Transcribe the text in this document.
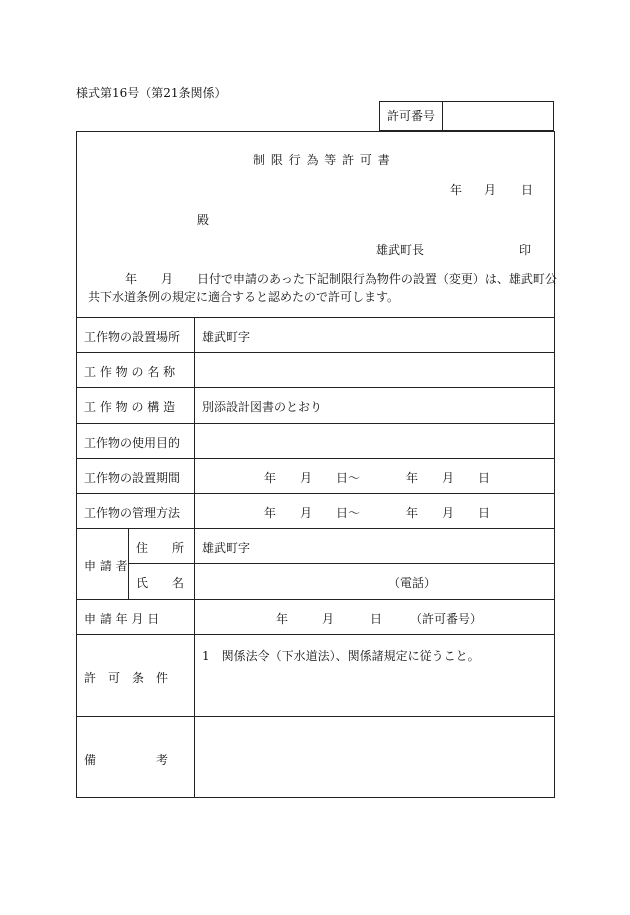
様式第16号（第21条関係）
許可番号
制 限 行 為 等 許 可 書
年 月 日
殿
雄武町長	印
年 月 日付で申請のあった下記制限行為物件の設置（変更）は、雄武町公
共下水道条例の規定に適合すると認めたので許可します。
工作物の設置場所 雄武町字
工 作 物 の 名 称
工 作 物 の 構 造 別添設計図書のとおり
工作物の使用目的
工作物の設置期間	年 月 日～	年 月 日
工作物の管理方法	年 月 日～	年 月 日
申 請 者
住　　所 雄武町字
氏　　名	（電話）
申 請 年 月 日	年	月	日 （許可番号）
許　可　条　件
1　関係法令（下水道法）、関係諸規定に従うこと。
備　　　　　考
